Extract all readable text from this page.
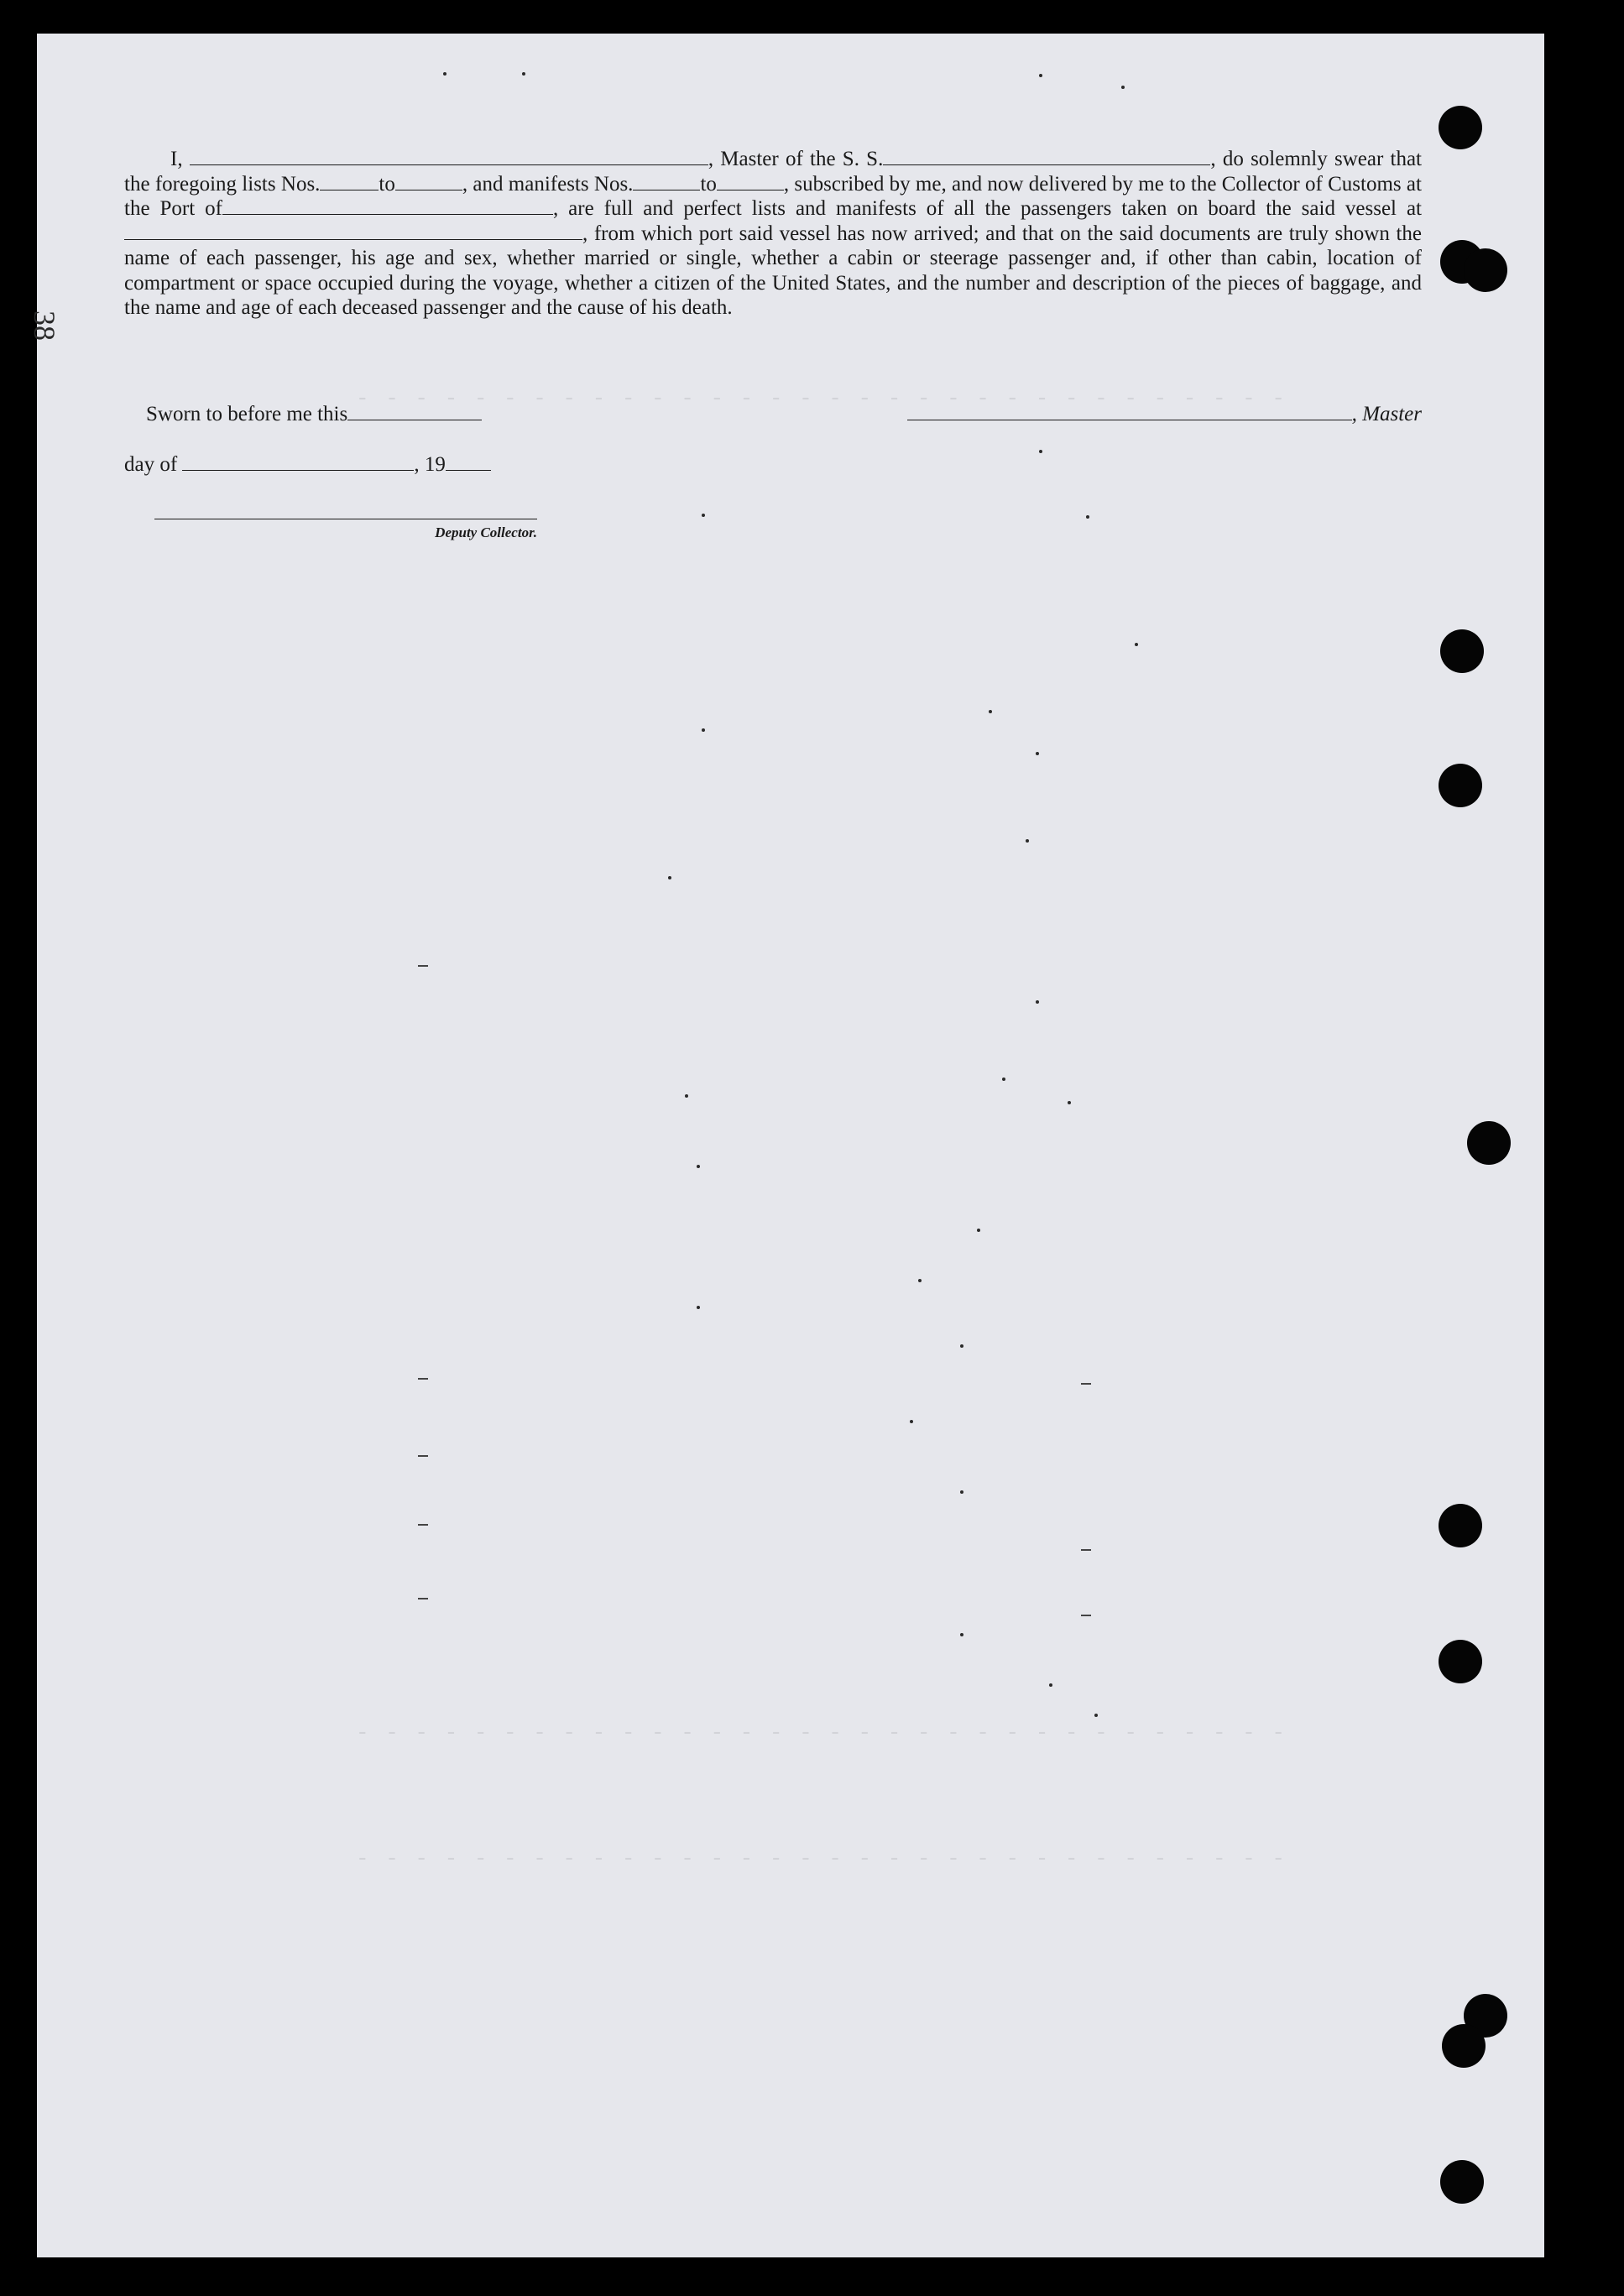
- - - - - - - - - - - - - - - - - - - - - - - - - - - - - - - -
- - - - - - - - - - - - - - - - - - - - - - - - - - - - - - - -
- - - - - - - - - - - - - - - - - - - - - - - - - - - - - - - -
38

I,	, Master of the S. S.	, do solemnly swear that the foregoing lists Nos.	to	, and manifests Nos.	to	, subscribed by me, and now delivered by me to the Collector of Customs at the Port of	, are full and perfect lists and manifests of all the passengers taken on board the said vessel at, from which port said vessel has now arrived; and that on the said documents are truly shown the name of each passenger, his age and sex, whether married or single, whether a cabin or steerage passenger and, if other than cabin, location of compartment or space occupied during the voyage, whether a citizen of the United States, and the number and description of the pieces of baggage, and the name and age of each deceased passenger and the cause of his death.

Sworn to before me this	, Master
day of	, 19
Deputy Collector.
